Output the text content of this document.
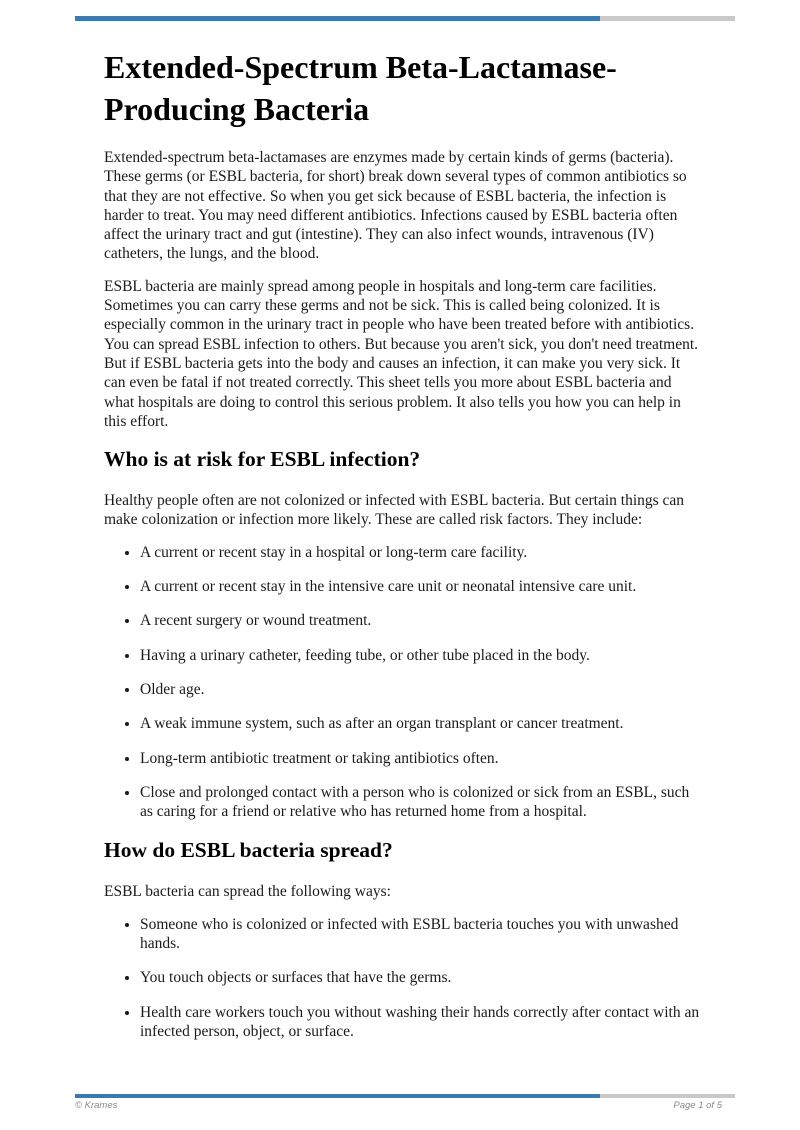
Extended-Spectrum Beta-Lactamase-Producing Bacteria

Extended-spectrum beta-lactamases are enzymes made by certain kinds of germs (bacteria). These germs (or ESBL bacteria, for short) break down several types of common antibiotics so that they are not effective. So when you get sick because of ESBL bacteria, the infection is harder to treat. You may need different antibiotics. Infections caused by ESBL bacteria often affect the urinary tract and gut (intestine). They can also infect wounds, intravenous (IV) catheters, the lungs, and the blood.

ESBL bacteria are mainly spread among people in hospitals and long-term care facilities. Sometimes you can carry these germs and not be sick. This is called being colonized. It is especially common in the urinary tract in people who have been treated before with antibiotics. You can spread ESBL infection to others. But because you aren't sick, you don't need treatment. But if ESBL bacteria gets into the body and causes an infection, it can make you very sick. It can even be fatal if not treated correctly. This sheet tells you more about ESBL bacteria and what hospitals are doing to control this serious problem. It also tells you how you can help in this effort.

Who is at risk for ESBL infection?

Healthy people often are not colonized or infected with ESBL bacteria. But certain things can make colonization or infection more likely. These are called risk factors. They include:

• A current or recent stay in a hospital or long-term care facility.
• A current or recent stay in the intensive care unit or neonatal intensive care unit.
• A recent surgery or wound treatment.
• Having a urinary catheter, feeding tube, or other tube placed in the body.
• Older age.
• A weak immune system, such as after an organ transplant or cancer treatment.
• Long-term antibiotic treatment or taking antibiotics often.
• Close and prolonged contact with a person who is colonized or sick from an ESBL, such as caring for a friend or relative who has returned home from a hospital.
How do ESBL bacteria spread?

ESBL bacteria can spread the following ways:

• Someone who is colonized or infected with ESBL bacteria touches you with unwashed hands.
• You touch objects or surfaces that have the germs.
• Health care workers touch you without washing their hands correctly after contact with an infected person, object, or surface.
© Krames	Page 1 of 5
